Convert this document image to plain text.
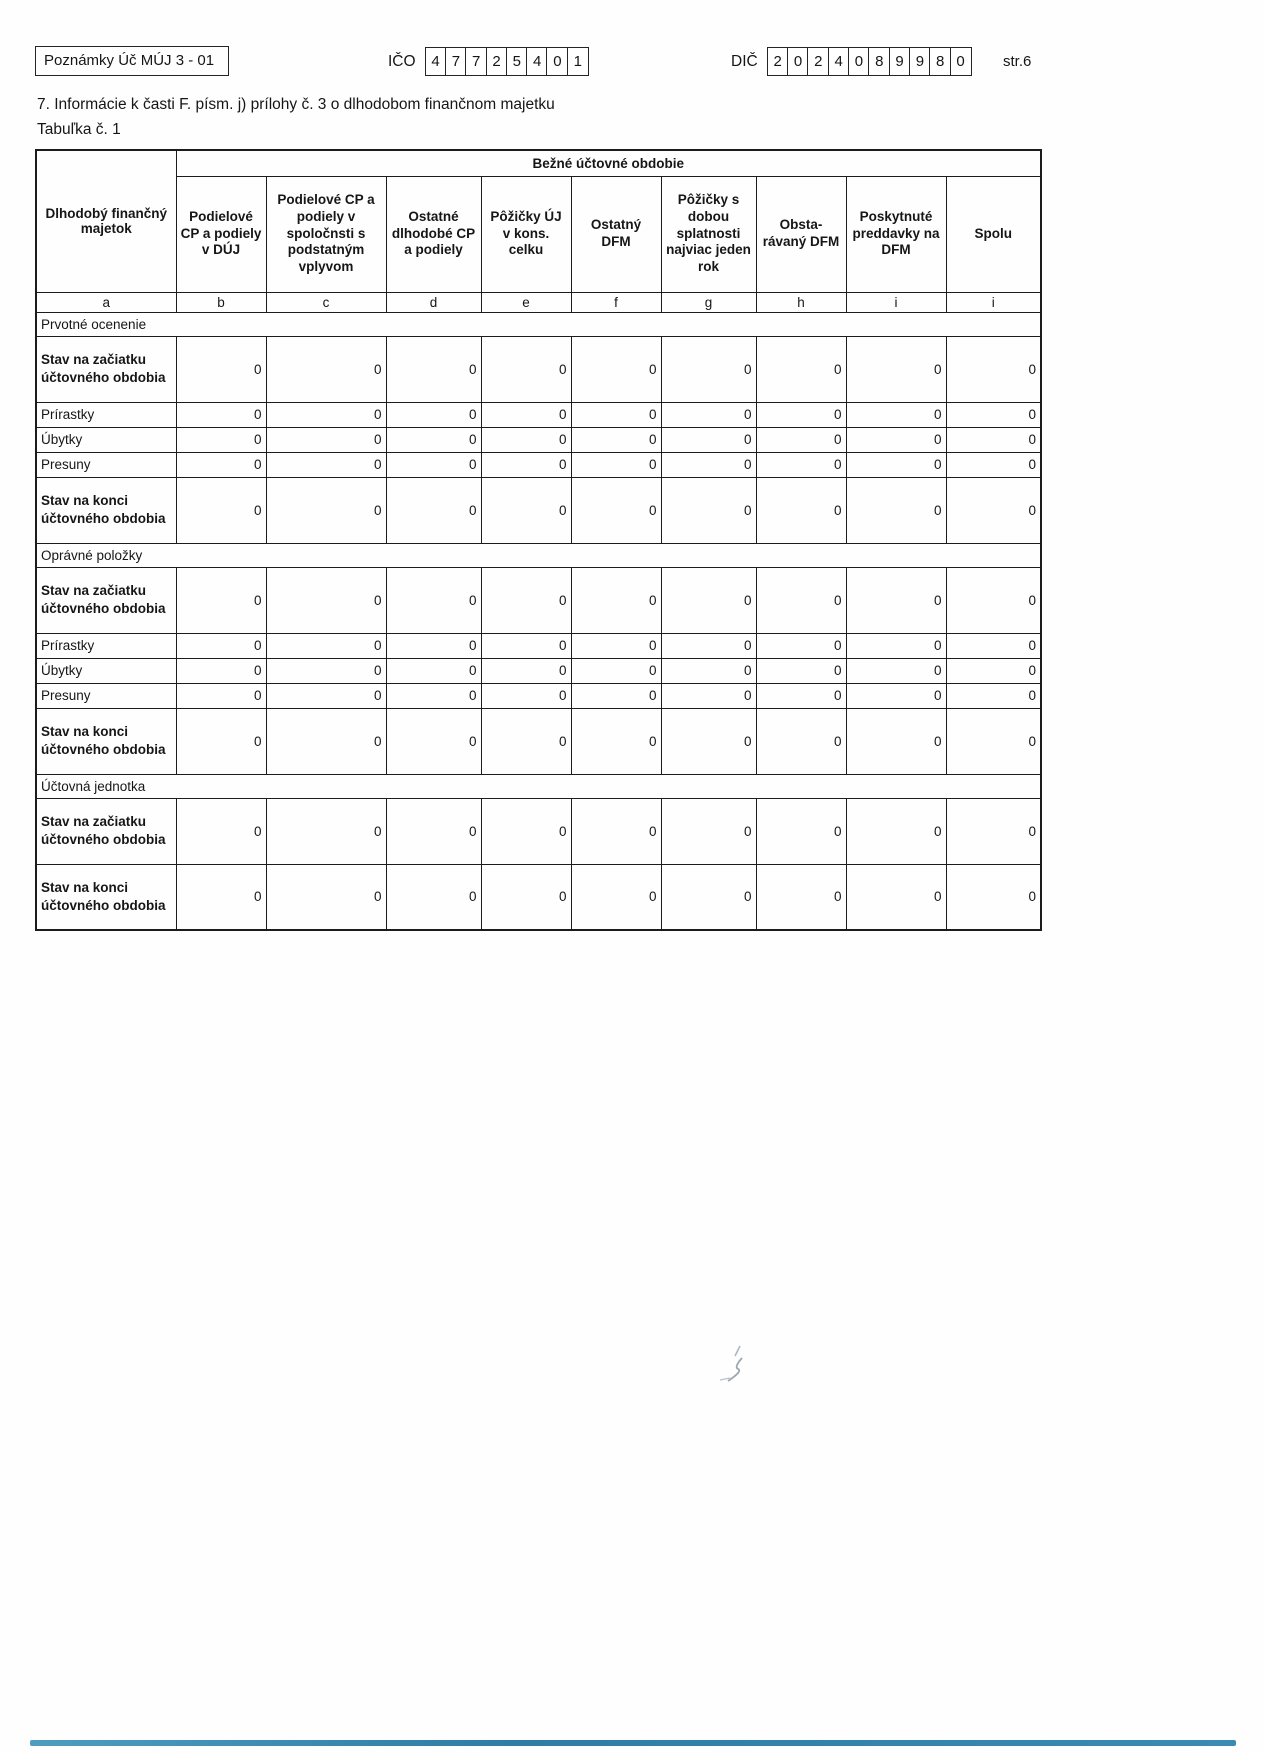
Poznámky Úč MÚJ 3 - 01	IČO	4 7 7 2 5 4 0 1	DIČ	2 0 2 4 0 8 9 9 8 0	str.6
7. Informácie k časti F. písm. j) prílohy č. 3 o dlhodobom finančnom majetku
Tabuľka č. 1
Dlhodobý finančný majetok	Bežné účtovné obdobie								
	Podielové CP a podiely v DÚJ	Podielové CP a podiely v spoločnsti s podstatným vplyvom	Ostatné dlhodobé CP a podiely	Pôžičky ÚJ v kons. celku	Ostatný DFM	Pôžičky s dobou splatnosti najviac jeden rok	Obsta-rávaný DFM	Poskytnuté preddavky na DFM	Spolu
a	b	c	d	e	f	g	h	i	i
Prvotné ocenenie									
Stav na začiatku účtovného obdobia	0	0	0	0	0	0	0	0	0
Prírastky	0	0	0	0	0	0	0	0	0
Úbytky	0	0	0	0	0	0	0	0	0
Presuny	0	0	0	0	0	0	0	0	0
Stav na konci účtovného obdobia	0	0	0	0	0	0	0	0	0
Oprávné položky									
Stav na začiatku účtovného obdobia	0	0	0	0	0	0	0	0	0
Prírastky	0	0	0	0	0	0	0	0	0
Úbytky	0	0	0	0	0	0	0	0	0
Presuny	0	0	0	0	0	0	0	0	0
Stav na konci účtovného obdobia	0	0	0	0	0	0	0	0	0
Účtovná jednotka									
Stav na začiatku účtovného obdobia	0	0	0	0	0	0	0	0	0
Stav na konci účtovného obdobia	0	0	0	0	0	0	0	0	0
